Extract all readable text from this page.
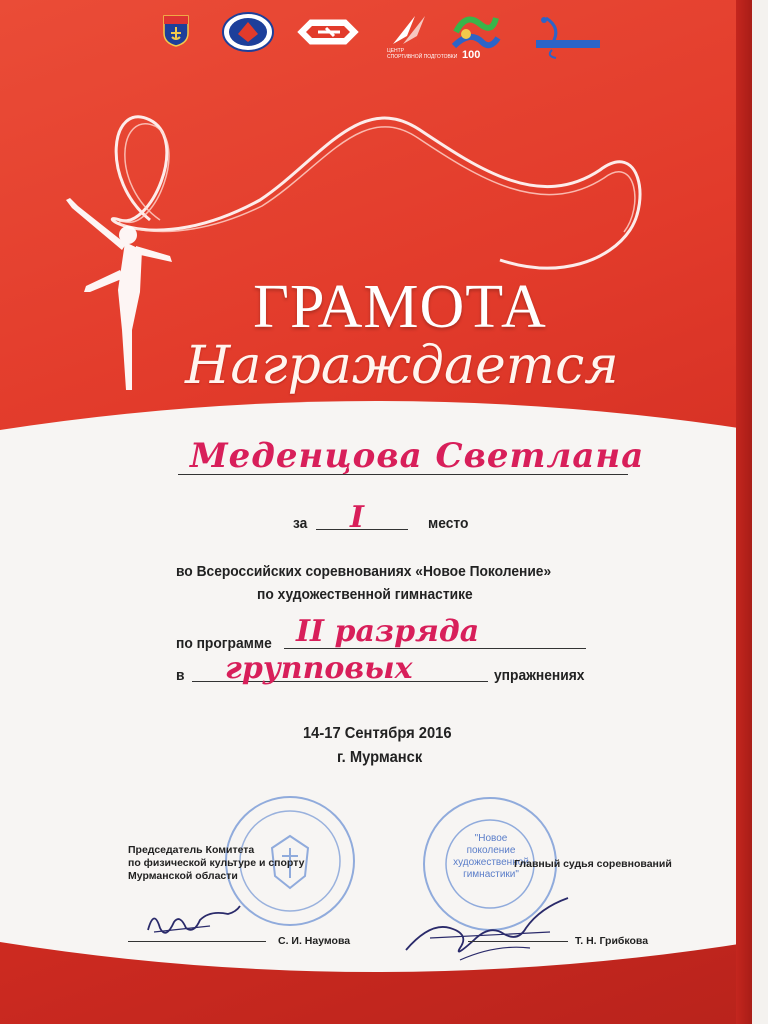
ЦЕНТР
СПОРТИВНОЙ ПОДГОТОВКИ 100
ГРАМОТА
Награждается
Меденцова Светлана
за I	место
во Всероссийских соревнованиях «Новое Поколение»
по художественной гимнастике
по программе II разряда
в групповых	упражнениях
14-17 Сентября 2016
г. Мурманск
"Новое поколение
художественной
гимнастики"
Председатель Комитета
по физической культуре и спорту
Мурманской области
С. И. Наумова
Главный судья соревнований
Т. Н. Грибкова
